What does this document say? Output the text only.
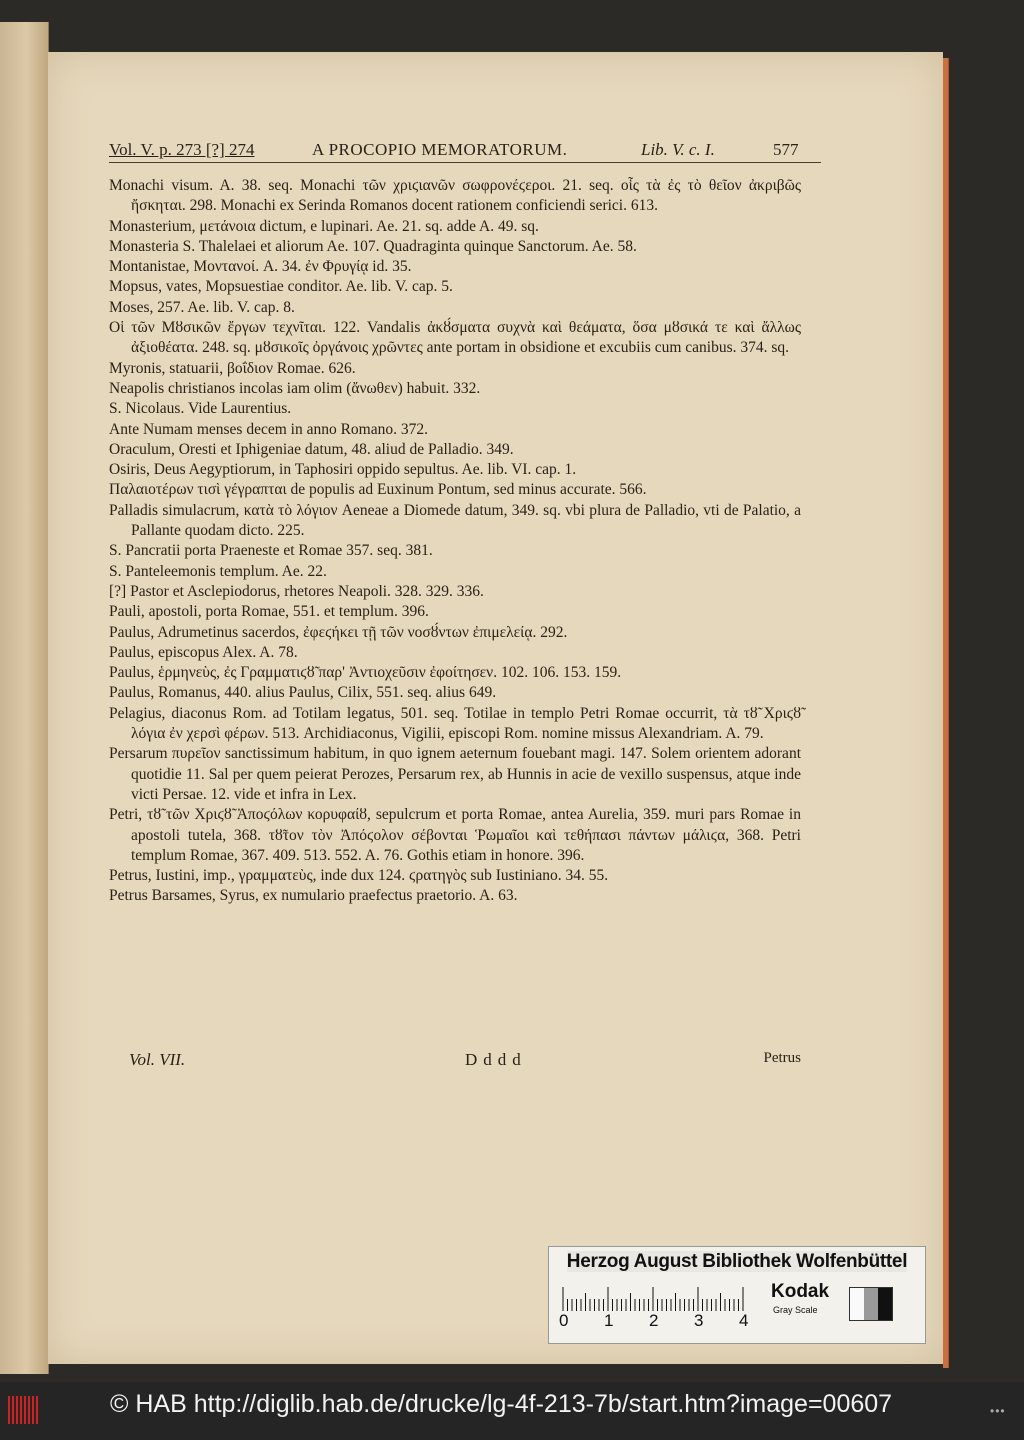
Vol. V. p. 273 [?] 274	A PROCOPIO MEMORATORUM.	Lib. V. c. I.	577

Monachi visum. A. 38. seq. Monachi τῶν χριϛιανῶν σωφρονέϛεροι. 21. seq. οἷς τὰ ἐς τὸ θεῖον ἀκριβῶς ἤσκηται. 298. Monachi ex Serinda Romanos docent rationem conficiendi serici. 613.

Monasterium, μετάνοια dictum, e lupinari. Ae. 21. sq. adde A. 49. sq.

Monasteria S. Thalelaei et aliorum Ae. 107. Quadraginta quinque Sanctorum. Ae. 58.

Montanistae, Μοντανοί. A. 34. ἐν Φρυγίᾳ id. 35.

Mopsus, vates, Mopsuestiae conditor. Ae. lib. V. cap. 5.

Moses, 257. Ae. lib. V. cap. 8.

Οἱ τῶν Μȣσικῶν ἔργων τεχνῖται. 122. Vandalis ἀκȣ́σματα συχνὰ καὶ θεάματα, ὅσα μȣσικά τε καὶ ἄλλως ἀξιοθέατα. 248. sq. μȣσικοῖς ὀργάνοις χρῶντες ante portam in obsidione et excubiis cum canibus. 374. sq.

Myronis, statuarii, βοΐδιον Romae. 626.

Neapolis christianos incolas iam olim (ἄνωθεν) habuit. 332.

S. Nicolaus. Vide Laurentius.

Ante Numam menses decem in anno Romano. 372.

Oraculum, Oresti et Iphigeniae datum, 48. aliud de Palladio. 349.

Osiris, Deus Aegyptiorum, in Taphosiri oppido sepultus. Ae. lib. VI. cap. 1.

Παλαιοτέρων τισὶ γέγραπται de populis ad Euxinum Pontum, sed minus accurate. 566.

Palladis simulacrum, κατὰ τὸ λόγιον Aeneae a Diomede datum, 349. sq. vbi plura de Palladio, vti de Palatio, a Pallante quodam dicto. 225.

S. Pancratii porta Praeneste et Romae 357. seq. 381.

S. Panteleemonis templum. Ae. 22.

[?] Pastor et Asclepiodorus, rhetores Neapoli. 328. 329. 336.

Pauli, apostoli, porta Romae, 551. et templum. 396.

Paulus, Adrumetinus sacerdos, ἐφεϛήκει τῇ τῶν νοσȣ́ντων ἐπιμελείᾳ. 292.

Paulus, episcopus Alex. A. 78.

Paulus, ἑρμηνεὺς, ἐς Γραμματιϛȣ̃ παρ' Ἀντιοχεῦσιν ἐφοίτησεν. 102. 106. 153. 159.

Paulus, Romanus, 440. alius Paulus, Cilix, 551. seq. alius 649.

Pelagius, diaconus Rom. ad Totilam legatus, 501. seq. Totilae in templo Petri Romae occurrit, τὰ τȣ̃ Χριϛȣ̃ λόγια ἐν χερσὶ φέρων. 513. Archidiaconus, Vigilii, episcopi Rom. nomine missus Alexandriam. A. 79.

Persarum πυρεῖον sanctissimum habitum, in quo ignem aeternum fouebant magi. 147. Solem orientem adorant quotidie 11. Sal per quem peierat Perozes, Persarum rex, ab Hunnis in acie de vexillo suspensus, atque inde victi Persae. 12. vide et infra in Lex.

Petri, τȣ̃ τῶν Χριϛȣ̃ Ἀποϛόλων κορυφαίȣ, sepulcrum et porta Romae, antea Aurelia, 359. muri pars Romae in apostoli tutela, 368. τȣ̃τον τὸν Ἀπόϛολον σέβονται Ῥωμαῖοι καὶ τεθήπασι πάντων μάλιϛα, 368. Petri templum Romae, 367. 409. 513. 552. A. 76. Gothis etiam in honore. 396.

Petrus, Iustini, imp., γραμματεὺς, inde dux 124. ϛρατηγὸς sub Iustiniano. 34. 55.

Petrus Barsames, Syrus, ex numulario praefectus praetorio. A. 63.

Vol. VII.	Dddd	Petrus
Herzog August Bibliothek Wolfenbüttel
0 1 2 3 4
Kodak
Gray Scale
© HAB http://diglib.hab.de/drucke/lg-4f-213-7b/start.htm?image=00607	•••
